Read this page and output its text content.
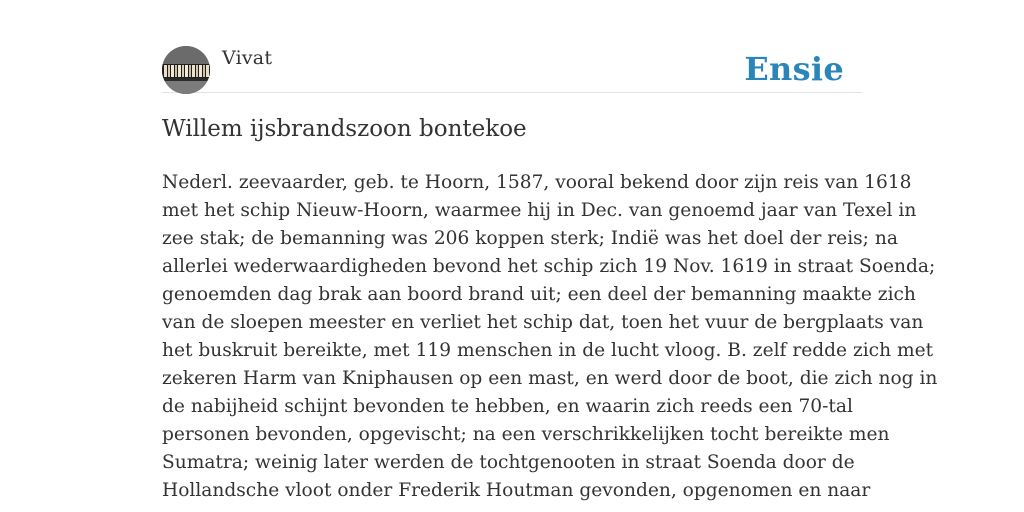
Vivat	Ensie
Willem ijsbrandszoon bontekoe

Nederl. zeevaarder, geb. te Hoorn, 1587, vooral bekend door zijn reis van 1618
met het schip Nieuw-Hoorn, waarmee hij in Dec. van genoemd jaar van Texel in
zee stak; de bemanning was 206 koppen sterk; Indië was het doel der reis; na
allerlei wederwaardigheden bevond het schip zich 19 Nov. 1619 in straat Soenda;
genoemden dag brak aan boord brand uit; een deel der bemanning maakte zich
van de sloepen meester en verliet het schip dat, toen het vuur de bergplaats van
het buskruit bereikte, met 119 menschen in de lucht vloog. B. zelf redde zich met
zekeren Harm van Kniphausen op een mast, en werd door de boot, die zich nog in
de nabijheid schijnt bevonden te hebben, en waarin zich reeds een 70-tal
personen bevonden, opgevischt; na een verschrikkelijken tocht bereikte men
Sumatra; weinig later werden de tochtgenooten in straat Soenda door de
Hollandsche vloot onder Frederik Houtman gevonden, opgenomen en naar
